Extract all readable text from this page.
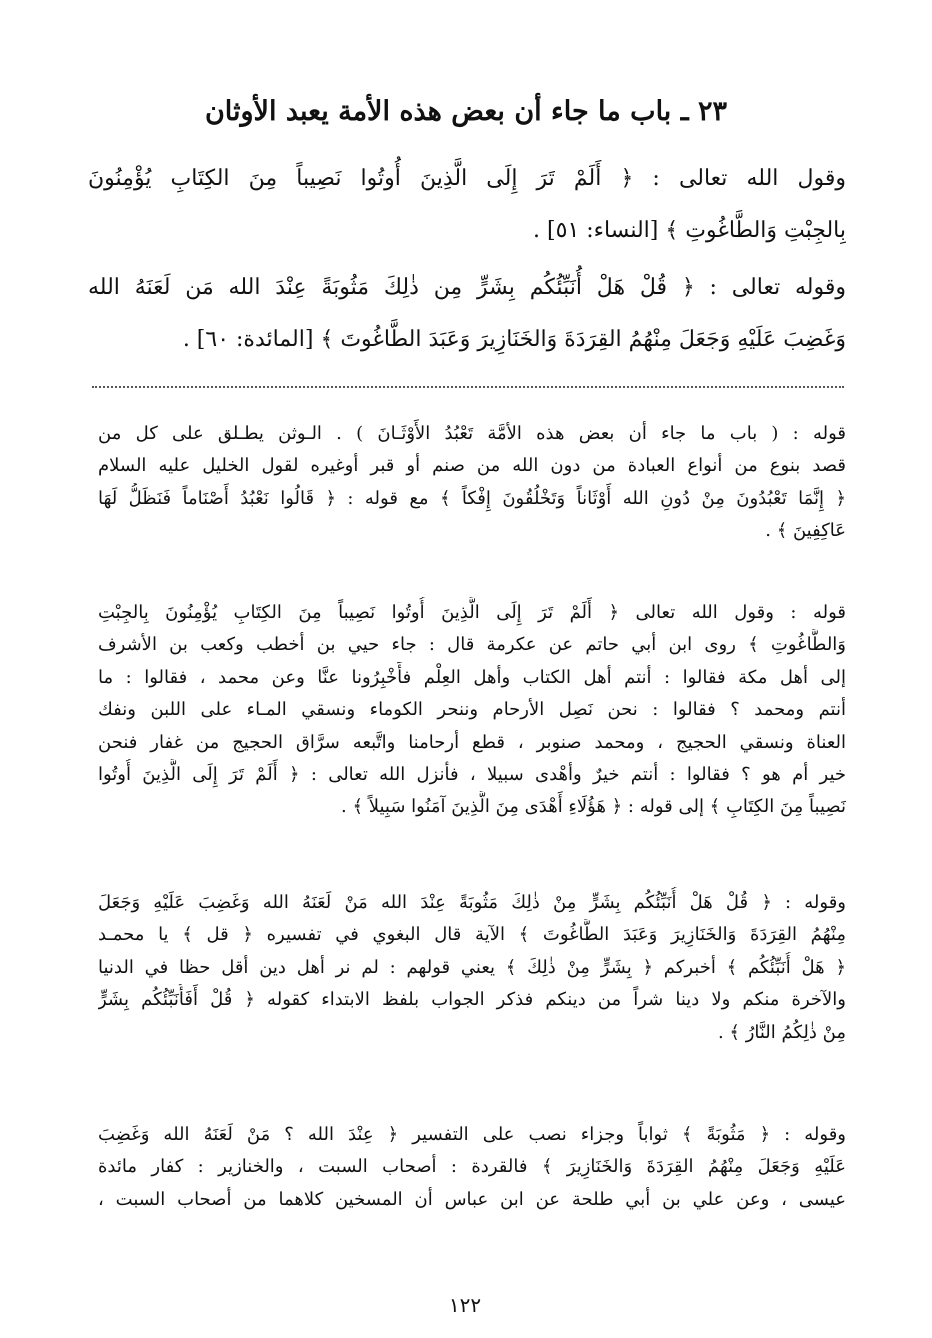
٢٣ ـ باب ما جاء أن بعض هذه الأمة يعبد الأوثان
وقول الله تعالى : ﴿ أَلَمْ تَرَ إِلَى الَّذِينَ أُوتُوا نَصِيباً مِنَ الكِتَابِ يُؤْمِنُونَ
بِالجِبْتِ وَالطَّاغُوتِ ﴾ [النساء: ٥١] .
وقوله تعالى : ﴿ قُلْ هَلْ أُنَبِّئُكُم بِشَرٍّ مِن ذٰلِكَ مَثُوبَةً عِنْدَ الله مَن لَعَنَهُ الله
وَغَضِبَ عَلَيْهِ وَجَعَلَ مِنْهُمُ القِرَدَةَ وَالخَنَازِيرَ وَعَبَدَ الطَّاغُوتَ ﴾ [المائدة: ٦٠] .
قوله : ( باب ما جاء أن بعض هذه الأمَّة تَعْبُدُ الأَوْثَـانَ ) . الـوثن يطـلق على كل من
قصد بنوع من أنواع العبادة من دون الله من صنم أو قبر أوغيره لقول الخليل عليه السلام
﴿ إِنَّمَا تَعْبُدُونَ مِنْ دُونِ الله أَوْثَاناً وَتَخْلُقُونَ إِفْكاً ﴾ مع قوله : ﴿ قَالُوا نَعْبُدُ أَصْنَاماً فَنَظَلُّ لَهَا
عَاكِفِينَ ﴾ .
قوله : وقول الله تعالى ﴿ أَلَمْ تَرَ إِلَى الَّذِينَ أُوتُوا نَصِيباً مِنَ الكِتَابِ يُؤْمِنُونَ بِالجِبْتِ
وَالطَّاغُوتِ ﴾ روى ابن أبي حاتم عن عكرمة قال : جاء حيي بن أخطب وكعب بن الأشرف
إلى أهل مكة فقالوا : أنتم أهل الكتاب وأهل العِلْم فأَخْبِرُونا عنَّا وعن محمد ، فقالوا : ما
أنتم ومحمد ؟ فقالوا : نحن نَصِل الأرحام وننحر الكوماء ونسقي المـاء على اللبن ونفك
العناة ونسقي الحجيج ، ومحمد صنوبر ، قطع أرحامنا واتَّبعه سرَّاق الحجيج من غفار فنحن
خير أم هو ؟ فقالوا : أنتم خيرٌ وأهْدى سبيلا ، فأنزل الله تعالى : ﴿ أَلَمْ تَرَ إِلَى الَّذِينَ أُوتُوا
نَصِيباً مِنَ الكِتَابِ ﴾ إلى قوله : ﴿ هَؤُلَاءِ أَهْدَى مِنَ الَّذِينَ آمَنُوا سَبِيلاً ﴾ .
وقوله : ﴿ قُلْ هَلْ أُنَبِّئُكُم بِشَرٍّ مِنْ ذٰلِكَ مَثُوبَةً عِنْدَ الله مَنْ لَعَنَهُ الله وَغَضِبَ عَلَيْهِ وَجَعَلَ
مِنْهُمُ القِرَدَةَ وَالخَنَازِيرَ وَعَبَدَ الطَّاغُوتَ ﴾ الآية قال البغوي في تفسيره ﴿ قل ﴾ يا محمـد
﴿ هَلْ أُنَبِّئُكُم ﴾ أخبركم ﴿ بِشَرٍّ مِنْ ذٰلِكَ ﴾ يعني قولهم : لم نر أهل دين أقل حظا في الدنيا
والآخرة منكم ولا دينا شراً من دينكم فذكر الجواب بلفظ الابتداء كقوله ﴿ قُلْ أَفَأُنَبِّئُكُم بِشَرٍّ
مِنْ ذٰلِكُمُ النَّارُ ﴾ .
وقوله : ﴿ مَثُوبَةً ﴾ ثواباً وجزاء نصب على التفسير ﴿ عِنْدَ الله ؟ مَنْ لَعَنَهُ الله وَغَضِبَ
عَلَيْهِ وَجَعَلَ مِنْهُمُ القِرَدَةَ وَالخَنَازِيرَ ﴾ فالقردة : أصحاب السبت ، والخنازير : كفار مائدة
عيسى ، وعن علي بن أبي طلحة عن ابن عباس أن المسخين كلاهما من أصحاب السبت ،
١٢٢
